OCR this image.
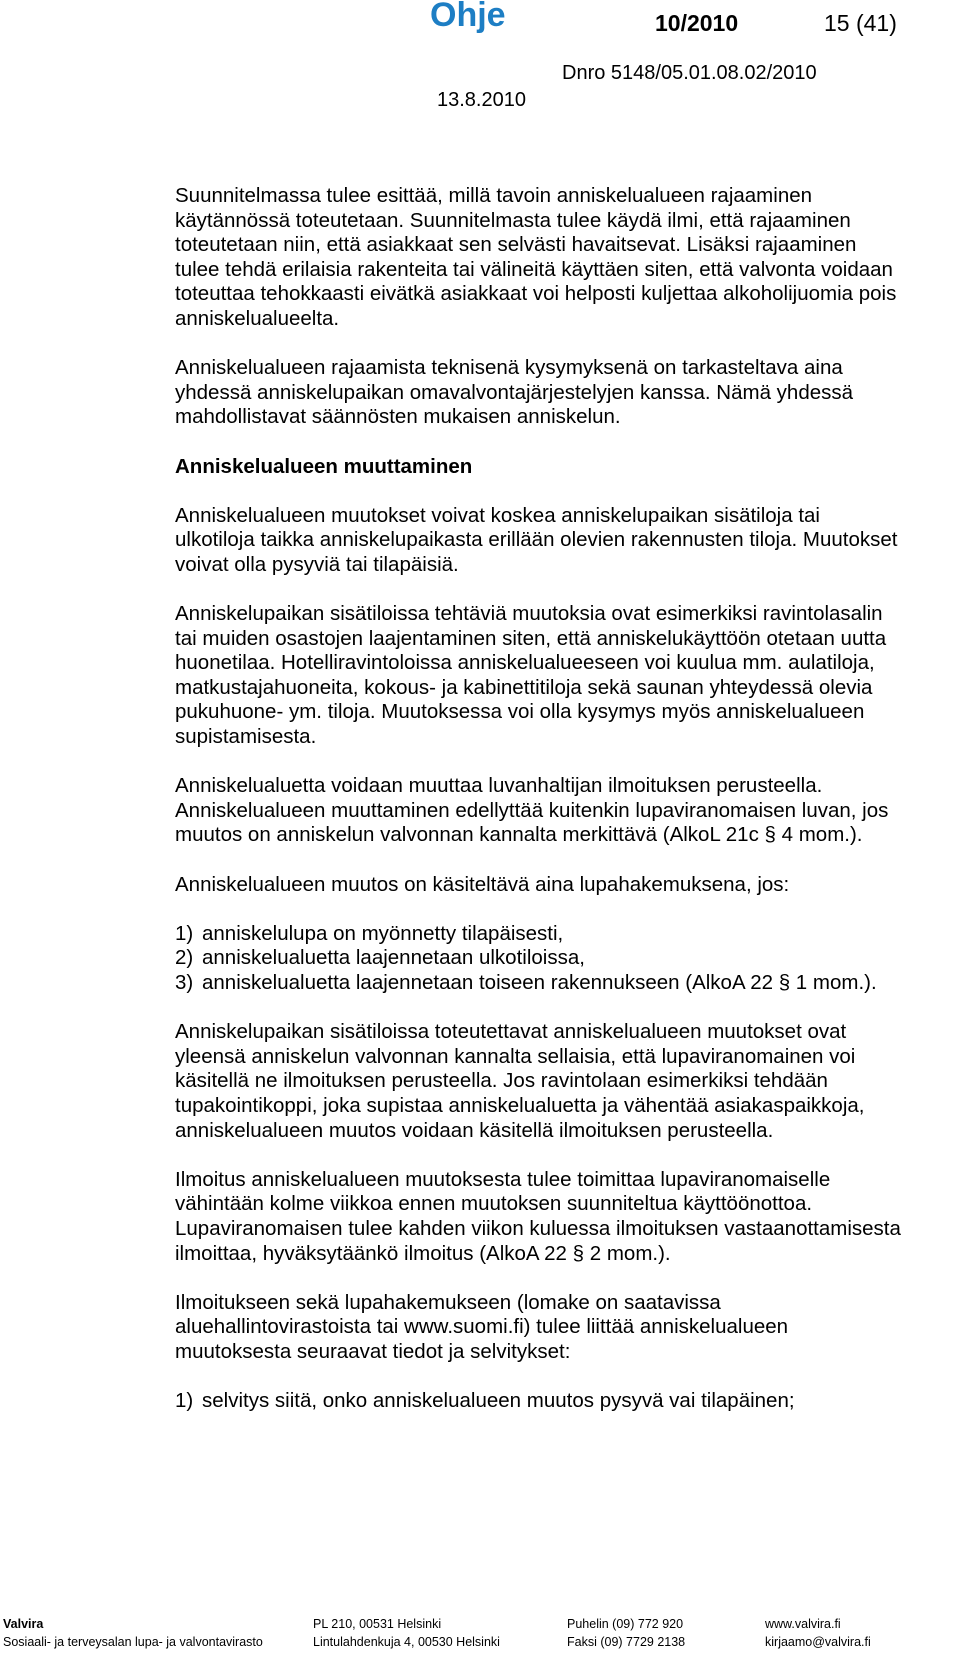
Ohje	10/2010	15 (41)
Dnro 5148/05.01.08.02/2010
13.8.2010

Suunnitelmassa tulee esittää, millä tavoin anniskelualueen rajaaminen käytännössä toteutetaan. Suunnitelmasta tulee käydä ilmi, että rajaaminen toteutetaan niin, että asiakkaat sen selvästi havaitsevat. Lisäksi rajaaminen tulee tehdä erilaisia rakenteita tai välineitä käyttäen siten, että valvonta voidaan toteuttaa tehokkaasti eivätkä asiakkaat voi helposti kuljettaa alkoholijuomia pois anniskelualueelta.

Anniskelualueen rajaamista teknisenä kysymyksenä on tarkasteltava aina yhdessä anniskelupaikan omavalvontajärjestelyjen kanssa. Nämä yhdessä mahdollistavat säännösten mukaisen anniskelun.

Anniskelualueen muuttaminen

Anniskelualueen muutokset voivat koskea anniskelupaikan sisätiloja tai ulkotiloja taikka anniskelupaikasta erillään olevien rakennusten tiloja. Muutokset voivat olla pysyviä tai tilapäisiä.

Anniskelupaikan sisätiloissa tehtäviä muutoksia ovat esimerkiksi ravintolasalin tai muiden osastojen laajentaminen siten, että anniskelukäyttöön otetaan uutta huonetilaa. Hotelliravintoloissa anniskelualueeseen voi kuulua mm. aulatiloja, matkustajahuoneita, kokous- ja kabinettitiloja sekä saunan yhteydessä olevia pukuhuone- ym. tiloja. Muutoksessa voi olla kysymys myös anniskelualueen supistamisesta.

Anniskelualuetta voidaan muuttaa luvanhaltijan ilmoituksen perusteella. Anniskelualueen muuttaminen edellyttää kuitenkin lupaviranomaisen luvan, jos muutos on anniskelun valvonnan kannalta merkittävä (AlkoL 21c § 4 mom.).

Anniskelualueen muutos on käsiteltävä aina lupahakemuksena, jos:

1) anniskelulupa on myönnetty tilapäisesti,
2) anniskelualuetta laajennetaan ulkotiloissa,
3) anniskelualuetta laajennetaan toiseen rakennukseen (AlkoA 22 § 1 mom.).

Anniskelupaikan sisätiloissa toteutettavat anniskelualueen muutokset ovat yleensä anniskelun valvonnan kannalta sellaisia, että lupaviranomainen voi käsitellä ne ilmoituksen perusteella. Jos ravintolaan esimerkiksi tehdään tupakointikoppi, joka supistaa anniskelualuetta ja vähentää asiakaspaikkoja, anniskelualueen muutos voidaan käsitellä ilmoituksen perusteella.

Ilmoitus anniskelualueen muutoksesta tulee toimittaa lupaviranomaiselle vähintään kolme viikkoa ennen muutoksen suunniteltua käyttöönottoa. Lupaviranomaisen tulee kahden viikon kuluessa ilmoituksen vastaanottamisesta ilmoittaa, hyväksytäänkö ilmoitus (AlkoA 22 § 2 mom.).

Ilmoitukseen sekä lupahakemukseen (lomake on saatavissa aluehallintovirastoista tai www.suomi.fi) tulee liittää anniskelualueen muutoksesta seuraavat tiedot ja selvitykset:

1) selvitys siitä, onko anniskelualueen muutos pysyvä vai tilapäinen;
Valvira	PL 210, 00531 Helsinki	Puhelin (09) 772 920	www.valvira.fi
Sosiaali- ja terveysalan lupa- ja valvontavirasto	Lintulahdenkuja 4, 00530 Helsinki	Faksi (09) 7729 2138	kirjaamo@valvira.fi
